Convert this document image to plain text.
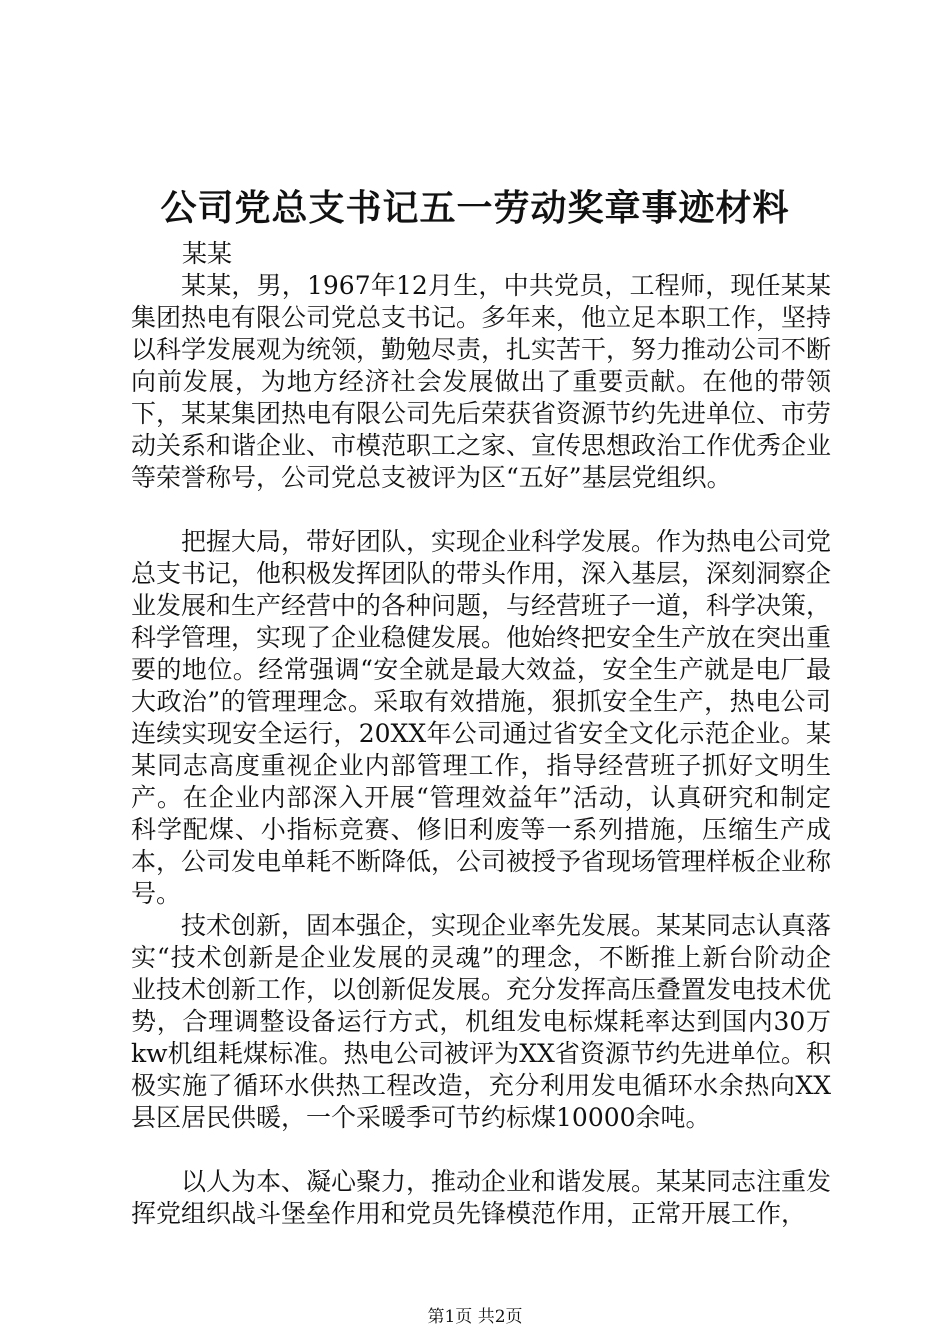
公司党总支书记五一劳动奖章事迹材料
某某

某某，男，1967年12月生，中共党员，工程师，现任某某集团热电有限公司党总支书记。多年来，他立足本职工作，坚持以科学发展观为统领，勤勉尽责，扎实苦干，努力推动公司不断向前发展，为地方经济社会发展做出了重要贡献。在他的带领下，某某集团热电有限公司先后荣获省资源节约先进单位、市劳动关系和谐企业、市模范职工之家、宣传思想政治工作优秀企业等荣誉称号，公司党总支被评为区“五好”基层党组织。

把握大局，带好团队，实现企业科学发展。作为热电公司党总支书记，他积极发挥团队的带头作用，深入基层，深刻洞察企业发展和生产经营中的各种问题，与经营班子一道，科学决策，科学管理，实现了企业稳健发展。他始终把安全生产放在突出重要的地位。经常强调“安全就是最大效益，安全生产就是电厂最大政治”的管理理念。采取有效措施，狠抓安全生产，热电公司连续实现安全运行，20XX年公司通过省安全文化示范企业。某某同志高度重视企业内部管理工作，指导经营班子抓好文明生产。在企业内部深入开展“管理效益年”活动，认真研究和制定科学配煤、小指标竞赛、修旧利废等一系列措施，压缩生产成本，公司发电单耗不断降低，公司被授予省现场管理样板企业称号。

技术创新，固本强企，实现企业率先发展。某某同志认真落实“技术创新是企业发展的灵魂”的理念，不断推上新台阶动企业技术创新工作，以创新促发展。充分发挥高压叠置发电技术优势，合理调整设备运行方式，机组发电标煤耗率达到国内30万kw机组耗煤标准。热电公司被评为XX省资源节约先进单位。积极实施了循环水供热工程改造，充分利用发电循环水余热向XX县区居民供暖，一个采暖季可节约标煤10000余吨。

以人为本、凝心聚力，推动企业和谐发展。某某同志注重发挥党组织战斗堡垒作用和党员先锋模范作用，正常开展工作，

第1页 共2页
